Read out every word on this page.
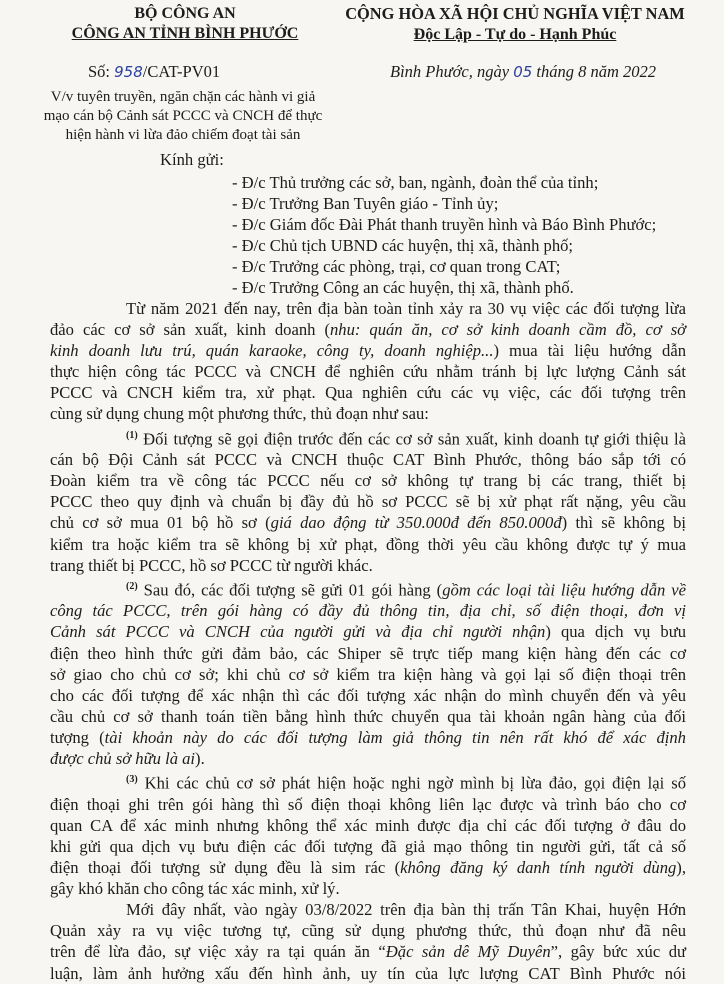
BỘ CÔNG AN
CÔNG AN TỈNH BÌNH PHƯỚC
CỘNG HÒA XÃ HỘI CHỦ NGHĨA VIỆT NAM
Độc Lập - Tự do - Hạnh Phúc
Số: 958/CAT-PV01	Bình Phước, ngày 05 tháng 8 năm 2022
V/v tuyên truyền, ngăn chặn các hành vi giả
mạo cán bộ Cảnh sát PCCC và CNCH để thực
hiện hành vi lừa đảo chiếm đoạt tài sản
Kính gửi:
- Đ/c Thủ trưởng các sở, ban, ngành, đoàn thể của tỉnh;
- Đ/c Trưởng Ban Tuyên giáo - Tỉnh ủy;
- Đ/c Giám đốc Đài Phát thanh truyền hình và Báo Bình Phước;
- Đ/c Chủ tịch UBND các huyện, thị xã, thành phố;
- Đ/c Trưởng các phòng, trại, cơ quan trong CAT;
- Đ/c Trưởng Công an các huyện, thị xã, thành phố.
Từ năm 2021 đến nay, trên địa bàn toàn tỉnh xảy ra 30 vụ việc các đối tượng lừa
đảo các cơ sở sản xuất, kinh doanh (nhu: quán ăn, cơ sở kinh doanh cầm đồ, cơ sở
kinh doanh lưu trú, quán karaoke, công ty, doanh nghiệp...) mua tài liệu hướng dẫn
thực hiện công tác PCCC và CNCH để nghiên cứu nhằm tránh bị lực lượng Cảnh sát
PCCC và CNCH kiểm tra, xử phạt. Qua nghiên cứu các vụ việc, các đối tượng trên
cùng sử dụng chung một phương thức, thủ đoạn như sau:
$^{(1)}$ Đối tượng sẽ gọi điện trước đến các cơ sở sản xuất, kinh doanh tự giới thiệu là
cán bộ Đội Cảnh sát PCCC và CNCH thuộc CAT Bình Phước, thông báo sắp tới có
Đoàn kiểm tra về công tác PCCC nếu cơ sở không tự trang bị các trang, thiết bị
PCCC theo quy định và chuẩn bị đầy đủ hồ sơ PCCC sẽ bị xử phạt rất nặng, yêu cầu
chủ cơ sở mua 01 bộ hồ sơ (giá dao động từ 350.000đ đến 850.000đ) thì sẽ không bị
kiểm tra hoặc kiểm tra sẽ không bị xử phạt, đồng thời yêu cầu không được tự ý mua
trang thiết bị PCCC, hồ sơ PCCC từ người khác.
$^{(2)}$ Sau đó, các đối tượng sẽ gửi 01 gói hàng (gồm các loại tài liệu hướng dẫn về
công tác PCCC, trên gói hàng có đầy đủ thông tin, địa chỉ, số điện thoại, đơn vị
Cảnh sát PCCC và CNCH của người gửi và địa chỉ người nhận) qua dịch vụ bưu
điện theo hình thức gửi đảm bảo, các Shiper sẽ trực tiếp mang kiện hàng đến các cơ
sở giao cho chủ cơ sở; khi chủ cơ sở kiểm tra kiện hàng và gọi lại số điện thoại trên
cho các đối tượng để xác nhận thì các đối tượng xác nhận do mình chuyển đến và yêu
cầu chủ cơ sở thanh toán tiền bằng hình thức chuyển qua tài khoản ngân hàng của đối
tượng (tài khoản này do các đối tượng làm giả thông tin nên rất khó để xác định
được chủ sở hữu là ai).
$^{(3)}$ Khi các chủ cơ sở phát hiện hoặc nghi ngờ mình bị lừa đảo, gọi điện lại số
điện thoại ghi trên gói hàng thì số điện thoại không liên lạc được và trình báo cho cơ
quan CA để xác minh nhưng không thể xác minh được địa chỉ các đối tượng ở đâu do
khi gửi qua dịch vụ bưu điện các đối tượng đã giả mạo thông tin người gửi, tất cả số
điện thoại đối tượng sử dụng đều là sim rác (không đăng ký danh tính người dùng),
gây khó khăn cho công tác xác minh, xử lý.
Mới đây nhất, vào ngày 03/8/2022 trên địa bàn thị trấn Tân Khai, huyện Hớn
Quản xảy ra vụ việc tương tự, cũng sử dụng phương thức, thủ đoạn như đã nêu
trên để lừa đảo, sự việc xảy ra tại quán ăn “Đặc sản dê Mỹ Duyên”, gây bức xúc dư
luận, làm ảnh hưởng xấu đến hình ảnh, uy tín của lực lượng CAT Bình Phước nói
